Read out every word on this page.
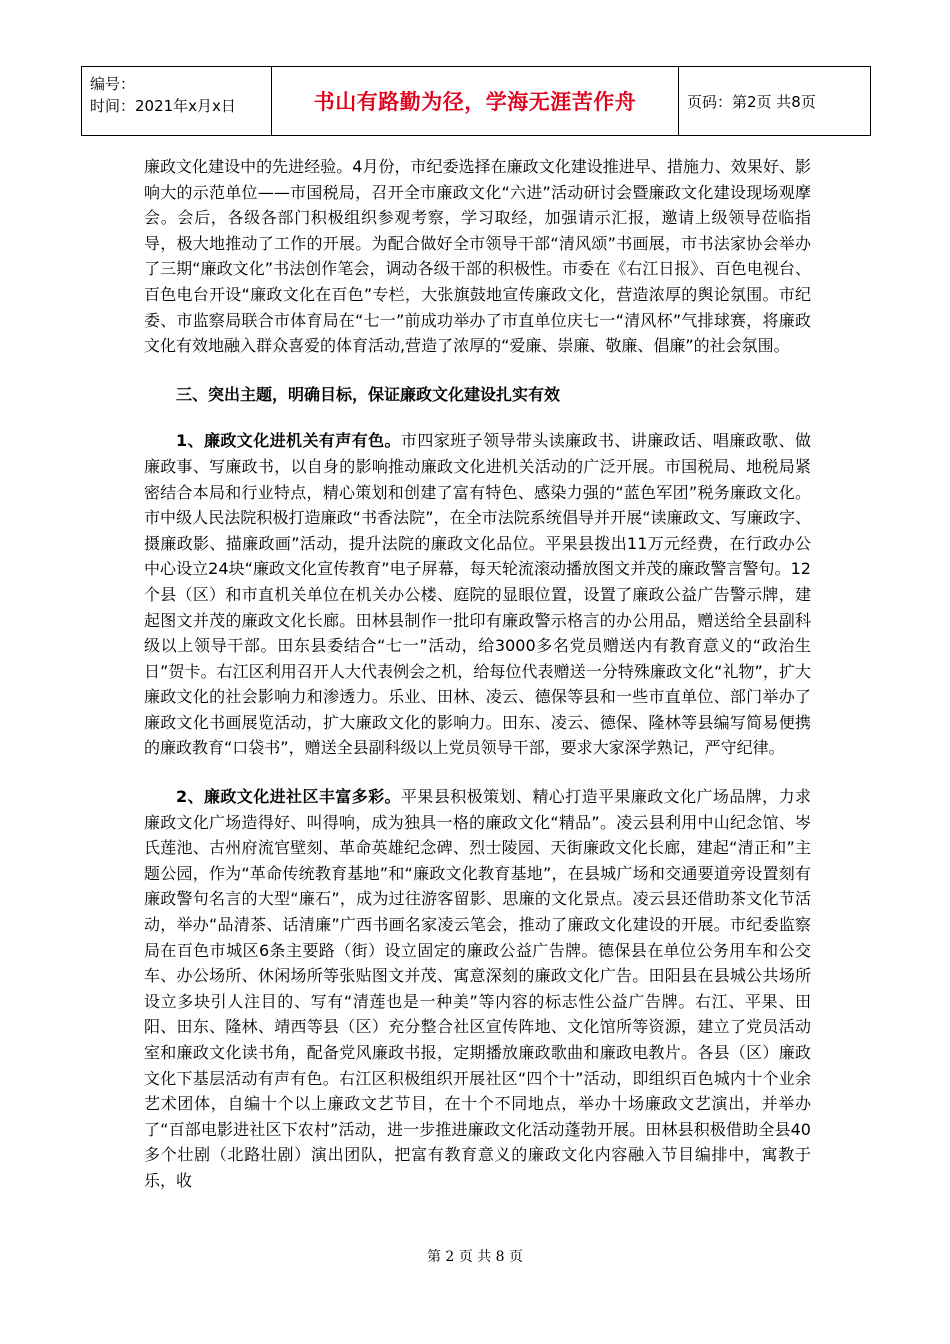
编号：
时间：2021年x月x日	书山有路勤为径，学海无涯苦作舟	页码：第2页 共8页

廉政文化建设中的先进经验。4月份，市纪委选择在廉政文化建设推进早、措施力、效果好、影响大的示范单位——市国税局，召开全市廉政文化“六进”活动研讨会暨廉政文化建设现场观摩会。会后，各级各部门积极组织参观考察，学习取经，加强请示汇报，邀请上级领导莅临指导，极大地推动了工作的开展。为配合做好全市领导干部“清风颂”书画展，市书法家协会举办了三期“廉政文化”书法创作笔会，调动各级干部的积极性。市委在《右江日报》、百色电视台、百色电台开设“廉政文化在百色”专栏，大张旗鼓地宣传廉政文化，营造浓厚的舆论氛围。市纪委、市监察局联合市体育局在“七一”前成功举办了市直单位庆七一“清风杯”气排球赛，将廉政文化有效地融入群众喜爱的体育活动,营造了浓厚的“爱廉、崇廉、敬廉、倡廉”的社会氛围。

三、突出主题，明确目标，保证廉政文化建设扎实有效

1、廉政文化进机关有声有色。市四家班子领导带头读廉政书、讲廉政话、唱廉政歌、做廉政事、写廉政书，以自身的影响推动廉政文化进机关活动的广泛开展。市国税局、地税局紧密结合本局和行业特点，精心策划和创建了富有特色、感染力强的“蓝色军团”税务廉政文化。市中级人民法院积极打造廉政“书香法院”，在全市法院系统倡导并开展“读廉政文、写廉政字、摄廉政影、描廉政画”活动，提升法院的廉政文化品位。平果县拨出11万元经费，在行政办公中心设立24块“廉政文化宣传教育”电子屏幕，每天轮流滚动播放图文并茂的廉政警言警句。12个县（区）和市直机关单位在机关办公楼、庭院的显眼位置，设置了廉政公益广告警示牌，建起图文并茂的廉政文化长廊。田林县制作一批印有廉政警示格言的办公用品，赠送给全县副科级以上领导干部。田东县委结合“七一”活动，给3000多名党员赠送内有教育意义的“政治生日”贺卡。右江区利用召开人大代表例会之机，给每位代表赠送一分特殊廉政文化“礼物”，扩大廉政文化的社会影响力和渗透力。乐业、田林、凌云、德保等县和一些市直单位、部门举办了廉政文化书画展览活动，扩大廉政文化的影响力。田东、凌云、德保、隆林等县编写简易便携的廉政教育“口袋书”，赠送全县副科级以上党员领导干部，要求大家深学熟记，严守纪律。

2、廉政文化进社区丰富多彩。平果县积极策划、精心打造平果廉政文化广场品牌，力求廉政文化广场造得好、叫得响，成为独具一格的廉政文化“精品”。凌云县利用中山纪念馆、岑氏莲池、古州府流官壁刻、革命英雄纪念碑、烈士陵园、天街廉政文化长廊，建起“清正和”主题公园，作为“革命传统教育基地”和“廉政文化教育基地”，在县城广场和交通要道旁设置刻有廉政警句名言的大型“廉石”，成为过往游客留影、思廉的文化景点。凌云县还借助茶文化节活动，举办“品清茶、话清廉”广西书画名家凌云笔会，推动了廉政文化建设的开展。市纪委监察局在百色市城区6条主要路（街）设立固定的廉政公益广告牌。德保县在单位公务用车和公交车、办公场所、休闲场所等张贴图文并茂、寓意深刻的廉政文化广告。田阳县在县城公共场所设立多块引人注目的、写有“清莲也是一种美”等内容的标志性公益广告牌。右江、平果、田阳、田东、隆林、靖西等县（区）充分整合社区宣传阵地、文化馆所等资源，建立了党员活动室和廉政文化读书角，配备党风廉政书报，定期播放廉政歌曲和廉政电教片。各县（区）廉政文化下基层活动有声有色。右江区积极组织开展社区“四个十”活动，即组织百色城内十个业余艺术团体，自编十个以上廉政文艺节目，在十个不同地点，举办十场廉政文艺演出，并举办了“百部电影进社区下农村”活动，进一步推进廉政文化活动蓬勃开展。田林县积极借助全县40多个壮剧（北路壮剧）演出团队，把富有教育意义的廉政文化内容融入节目编排中，寓教于乐，收

第 2 页 共 8 页
